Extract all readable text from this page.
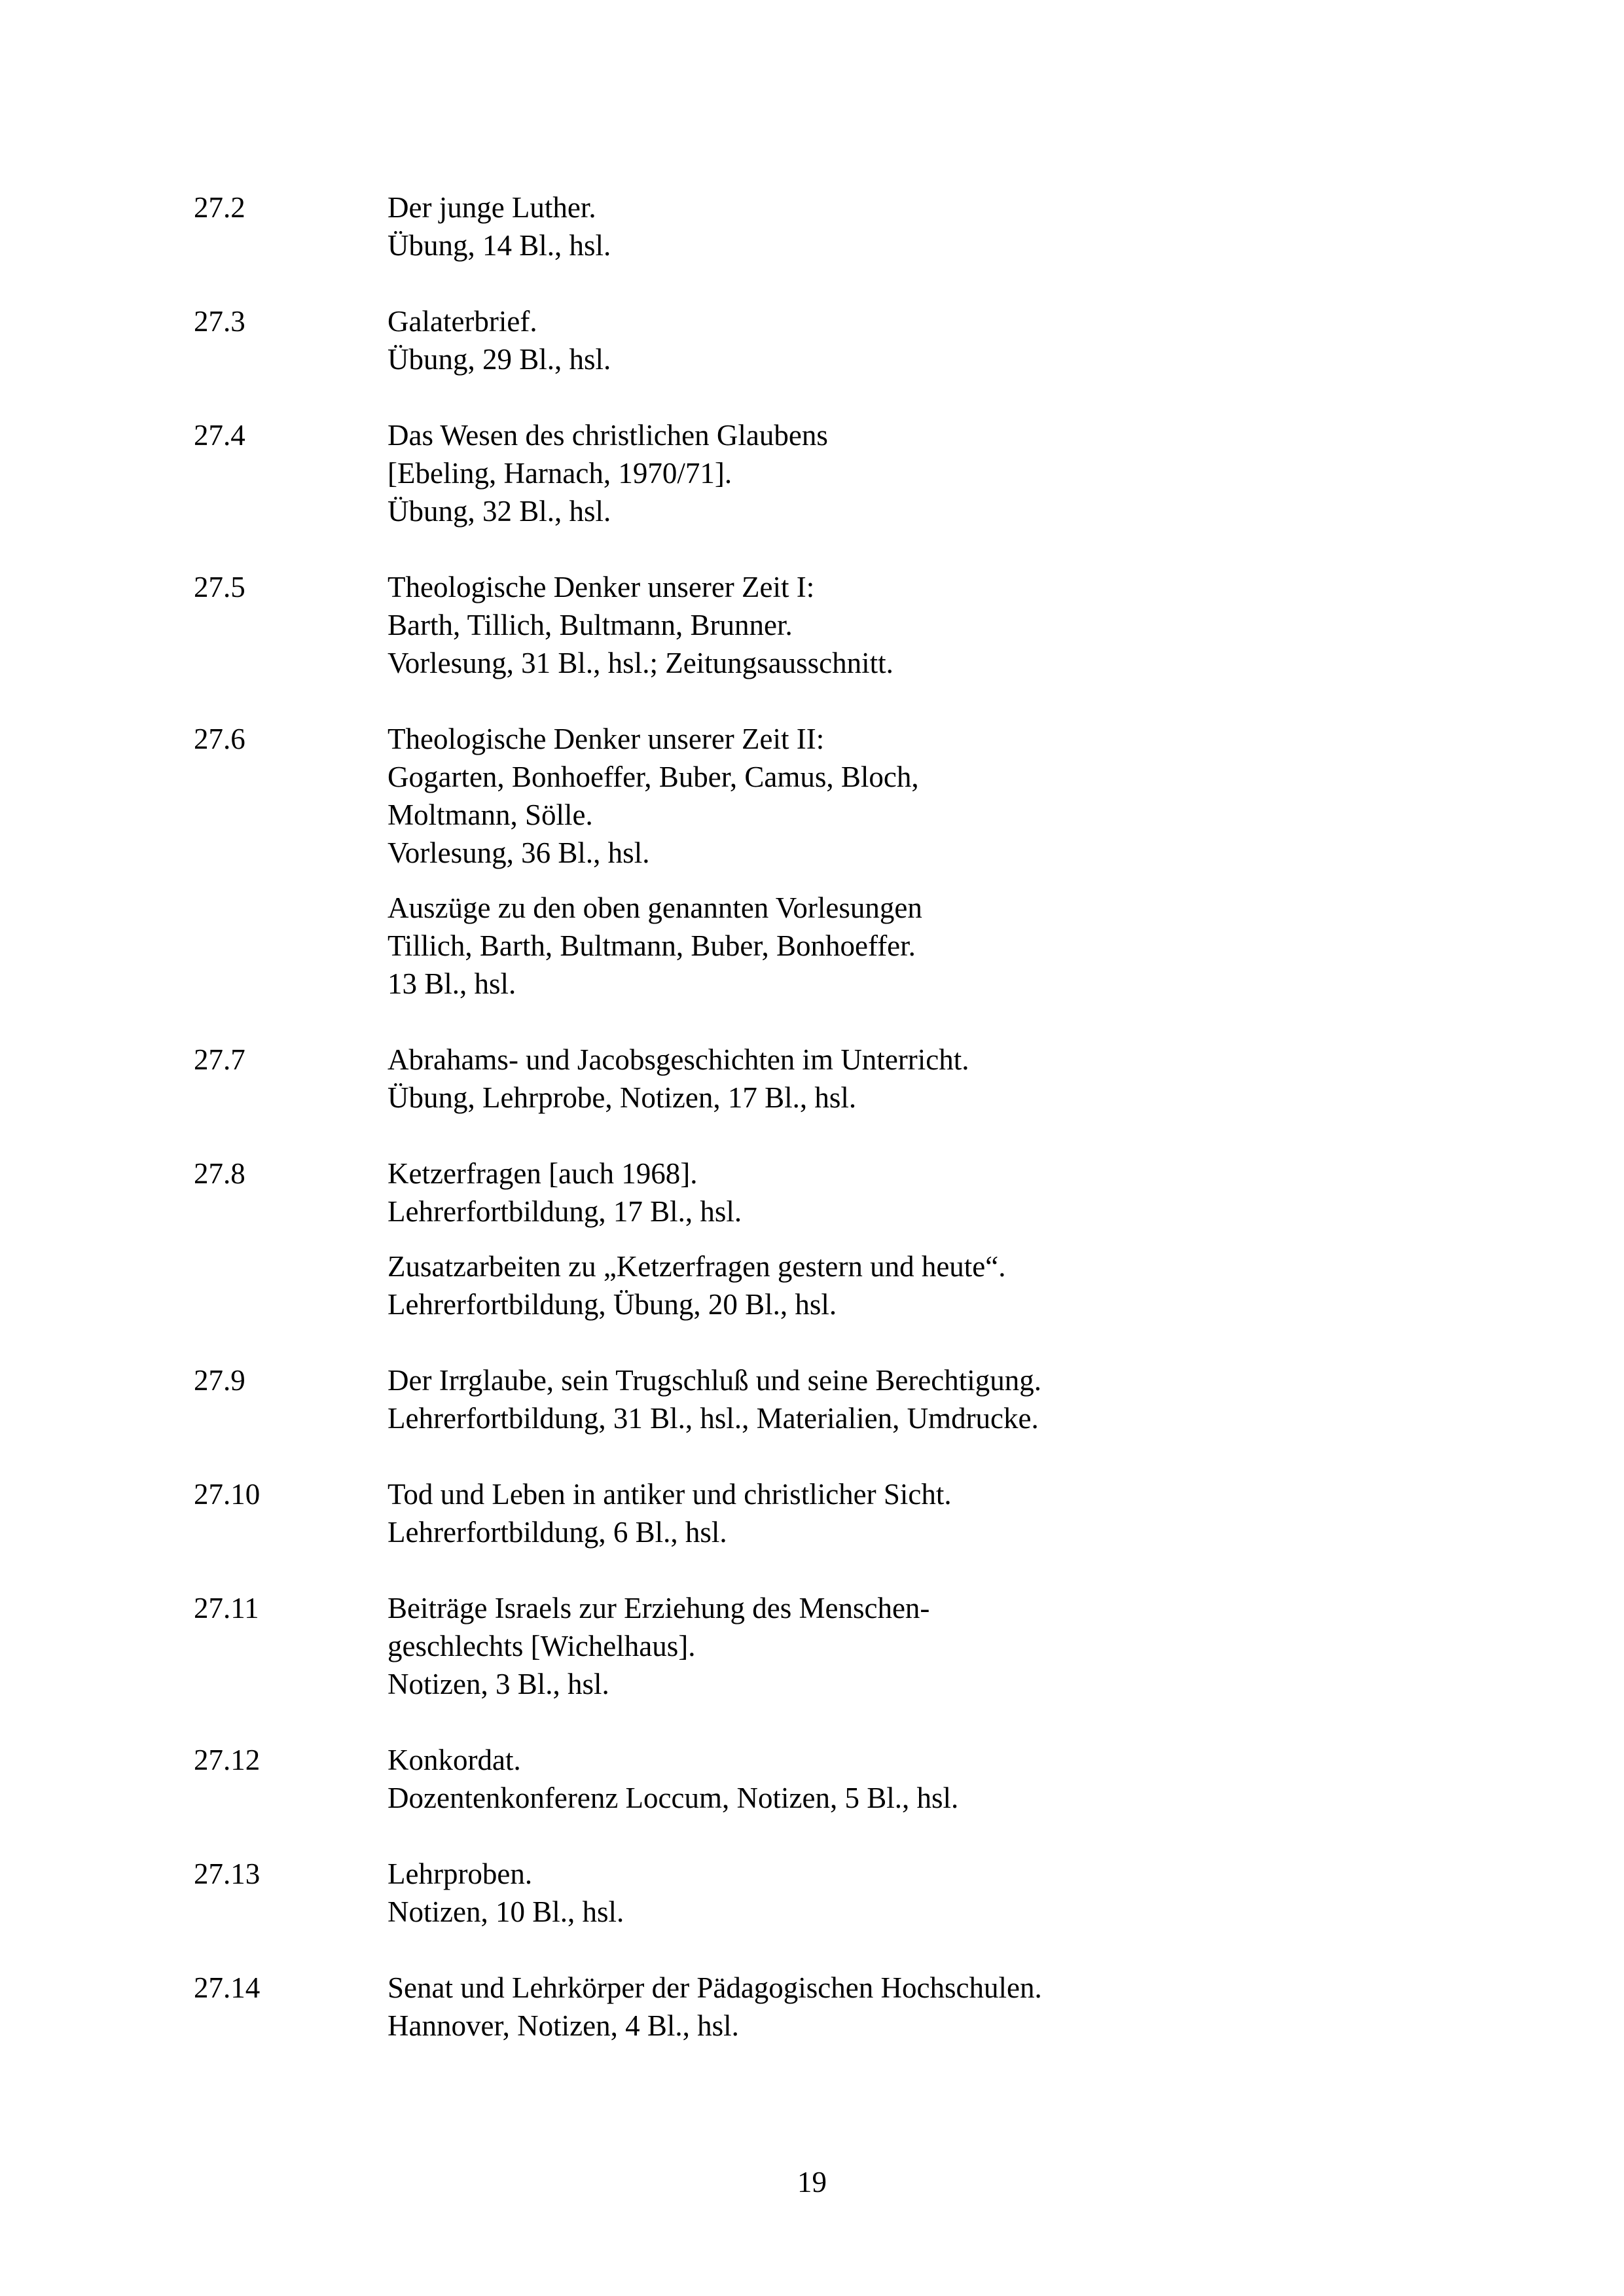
27.2	Der junge Luther.
Übung, 14 Bl., hsl.
27.3	Galaterbrief.
Übung, 29 Bl., hsl.
27.4	Das Wesen des christlichen Glaubens
[Ebeling, Harnach, 1970/71].
Übung, 32 Bl., hsl.
27.5	Theologische Denker unserer Zeit I:
Barth, Tillich, Bultmann, Brunner.
Vorlesung, 31 Bl., hsl.; Zeitungsausschnitt.
27.6	Theologische Denker unserer Zeit II:
Gogarten, Bonhoeffer, Buber, Camus, Bloch,
Moltmann, Sölle.
Vorlesung, 36 Bl., hsl.
Auszüge zu den oben genannten Vorlesungen
Tillich, Barth, Bultmann, Buber, Bonhoeffer.
13 Bl., hsl.
27.7	Abrahams- und Jacobsgeschichten im Unterricht.
Übung, Lehrprobe, Notizen, 17 Bl., hsl.
27.8	Ketzerfragen [auch 1968].
Lehrerfortbildung, 17 Bl., hsl.
Zusatzarbeiten zu „Ketzerfragen gestern und heute“.
Lehrerfortbildung, Übung, 20 Bl., hsl.
27.9	Der Irrglaube, sein Trugschluß und seine Berechtigung.
Lehrerfortbildung, 31 Bl., hsl., Materialien, Umdrucke.
27.10	Tod und Leben in antiker und christlicher Sicht.
Lehrerfortbildung, 6 Bl., hsl.
27.11	Beiträge Israels zur Erziehung des Menschen-
geschlechts [Wichelhaus].
Notizen, 3 Bl., hsl.
27.12	Konkordat.
Dozentenkonferenz Loccum, Notizen, 5 Bl., hsl.
27.13	Lehrproben.
Notizen, 10 Bl., hsl.
27.14	Senat und Lehrkörper der Pädagogischen Hochschulen.
Hannover, Notizen, 4 Bl., hsl.
19
